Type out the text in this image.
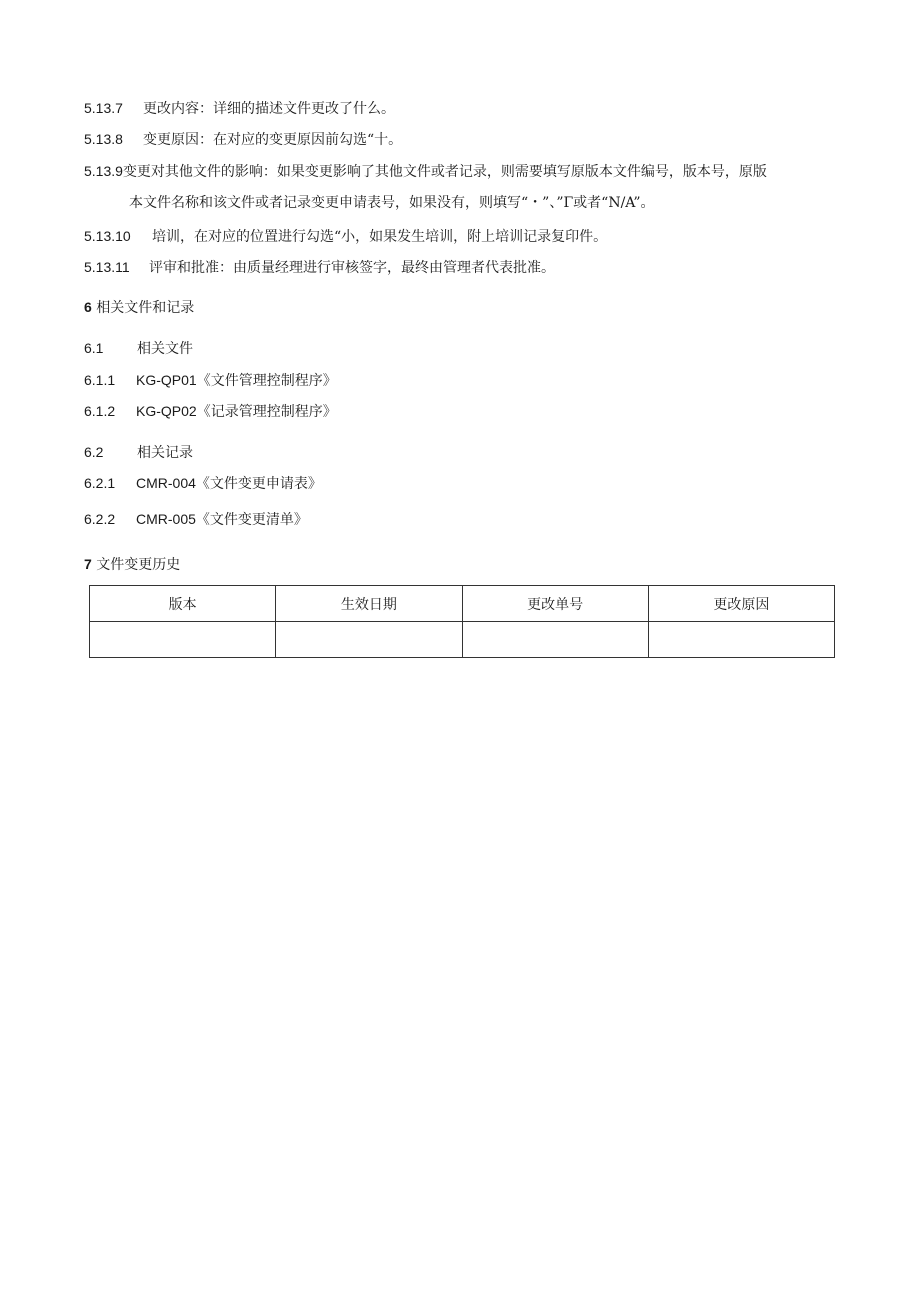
5.13.7 更改内容：详细的描述文件更改了什么。
5.13.8 变更原因：在对应的变更原因前勾选“十。
5.13.9变更对其他文件的影响：如果变更影响了其他文件或者记录，则需要填写原版本文件编号，版本号，原版
本文件名称和该文件或者记录变更申请表号，如果没有，则填写“・”、”Γ或者“N/A”。
5.13.10 培训，在对应的位置进行勾选“小，如果发生培训，附上培训记录复印件。
5.13.11 评审和批准：由质量经理进行审核签字，最终由管理者代表批准。
6 相关文件和记录
6.1 相关文件
6.1.1 KG-QP01《文件管理控制程序》
6.1.2 KG-QP02《记录管理控制程序》
6.2 相关记录
6.2.1 CMR-004《文件变更申请表》
6.2.2 CMR-005《文件变更清单》
7 文件变更历史
版本	生效日期	更改单号	更改原因
